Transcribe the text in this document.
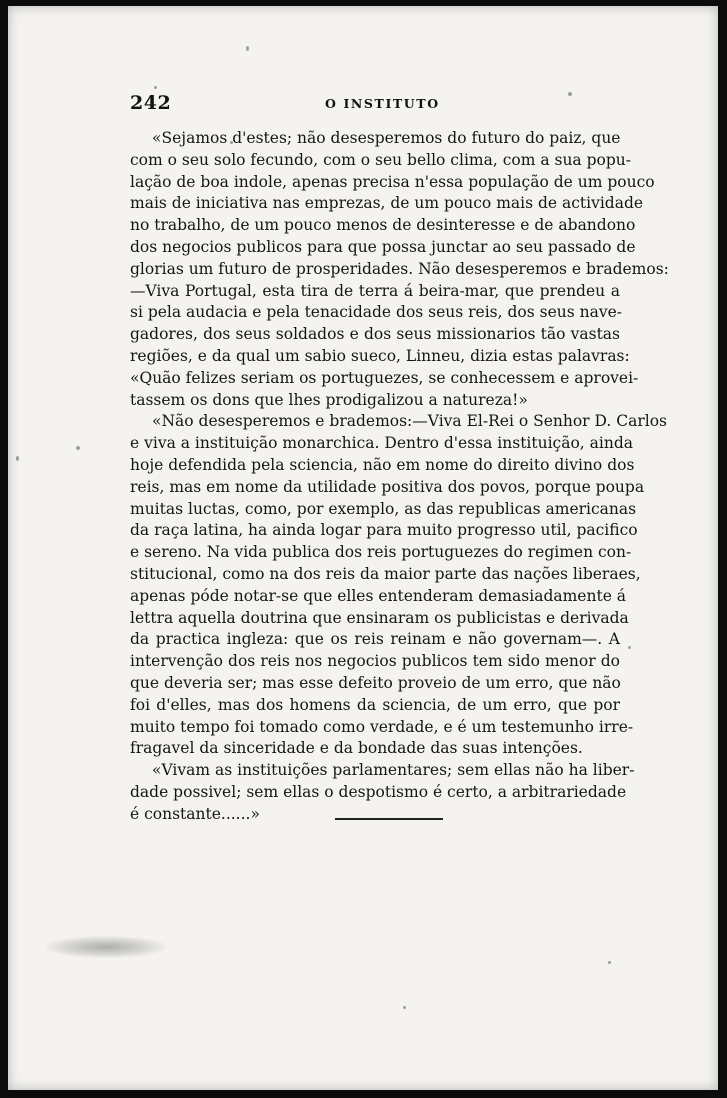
242	O INSTITUTO
«Sejamos d'estes; não desesperemos do futuro do paiz, que
com o seu solo fecundo, com o seu bello clima, com a sua popu-
lação de boa indole, apenas precisa n'essa população de um pouco
mais de iniciativa nas emprezas, de um pouco mais de actividade
no trabalho, de um pouco menos de desinteresse e de abandono
dos negocios publicos para que possa junctar ao seu passado de
glorias um futuro de prosperidades. Não desesperemos e brademos:
—Viva Portugal, esta tira de terra á beira-mar, que prendeu a
si pela audacia e pela tenacidade dos seus reis, dos seus nave-
gadores, dos seus soldados e dos seus missionarios tão vastas
regiões, e da qual um sabio sueco, Linneu, dizia estas palavras:
«Quão felizes seriam os portuguezes, se conhecessem e aprovei-
tassem os dons que lhes prodigalizou a natureza!»
«Não desesperemos e brademos:—Viva El-Rei o Senhor D. Carlos
e viva a instituição monarchica. Dentro d'essa instituição, ainda
hoje defendida pela sciencia, não em nome do direito divino dos
reis, mas em nome da utilidade positiva dos povos, porque poupa
muitas luctas, como, por exemplo, as das republicas americanas
da raça latina, ha ainda logar para muito progresso util, pacifico
e sereno. Na vida publica dos reis portuguezes do regimen con-
stitucional, como na dos reis da maior parte das nações liberaes,
apenas póde notar-se que elles entenderam demasiadamente á
lettra aquella doutrina que ensinaram os publicistas e derivada
da practica ingleza: que os reis reinam e não governam—. A
intervenção dos reis nos negocios publicos tem sido menor do
que deveria ser; mas esse defeito proveio de um erro, que não
foi d'elles, mas dos homens da sciencia, de um erro, que por
muito tempo foi tomado como verdade, e é um testemunho irre-
fragavel da sinceridade e da bondade das suas intenções.
«Vivam as instituições parlamentares; sem ellas não ha liber-
dade possivel; sem ellas o despotismo é certo, a arbitrariedade
é constante......»
